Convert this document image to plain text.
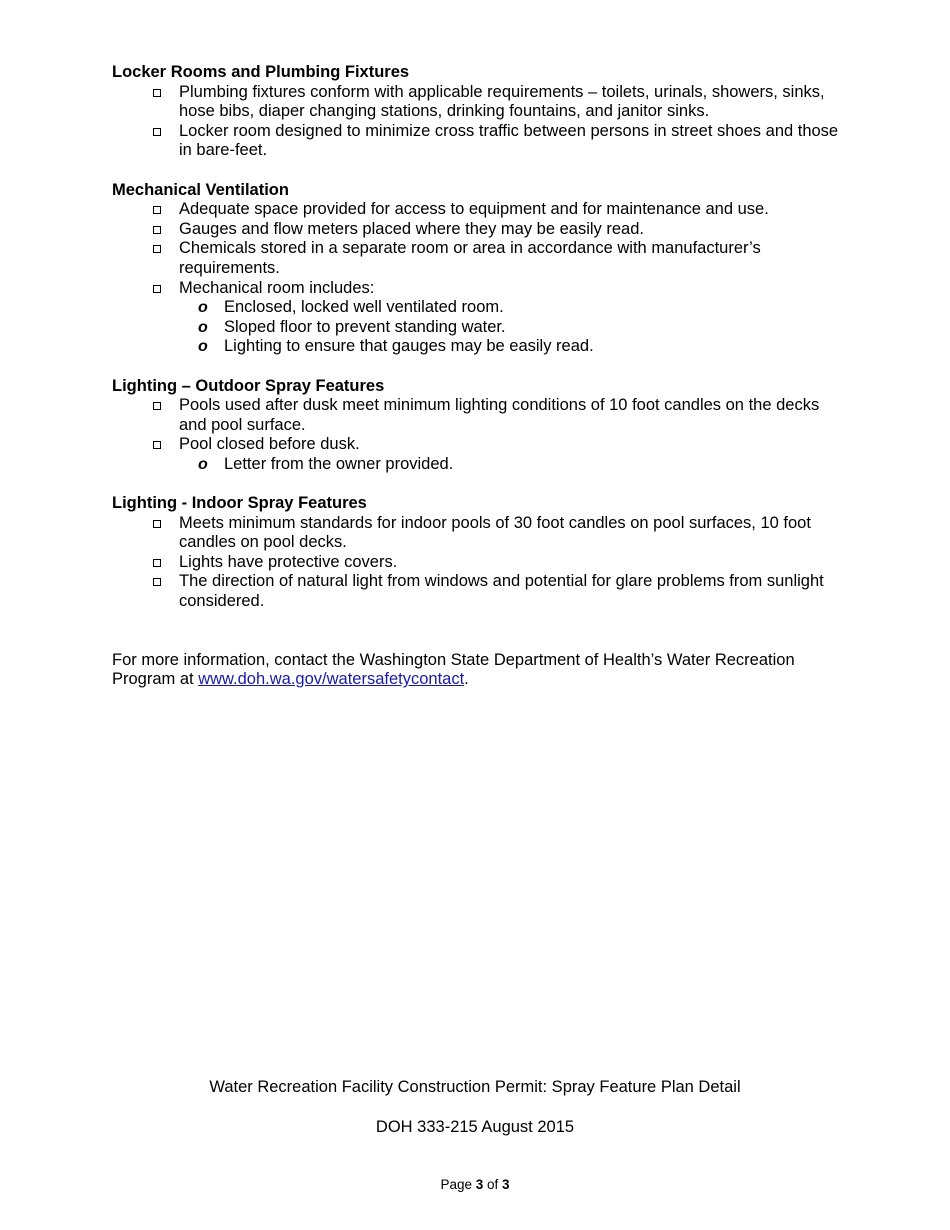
Locker Rooms and Plumbing Fixtures
Plumbing fixtures conform with applicable requirements – toilets, urinals, showers, sinks, hose bibs, diaper changing stations, drinking fountains, and janitor sinks.
Locker room designed to minimize cross traffic between persons in street shoes and those in bare-feet.
Mechanical Ventilation
Adequate space provided for access to equipment and for maintenance and use.
Gauges and flow meters placed where they may be easily read.
Chemicals stored in a separate room or area in accordance with manufacturer’s requirements.
Mechanical room includes:
o Enclosed, locked well ventilated room.
o Sloped floor to prevent standing water.
o Lighting to ensure that gauges may be easily read.
Lighting – Outdoor Spray Features
Pools used after dusk meet minimum lighting conditions of 10 foot candles on the decks and pool surface.
Pool closed before dusk.
o Letter from the owner provided.
Lighting - Indoor Spray Features
Meets minimum standards for indoor pools of 30 foot candles on pool surfaces, 10 foot candles on pool decks.
Lights have protective covers.
The direction of natural light from windows and potential for glare problems from sunlight considered.
For more information, contact the Washington State Department of Health’s Water Recreation Program at www.doh.wa.gov/watersafetycontact.
Water Recreation Facility Construction Permit: Spray Feature Plan Detail
DOH 333-215 August 2015
Page 3 of 3
